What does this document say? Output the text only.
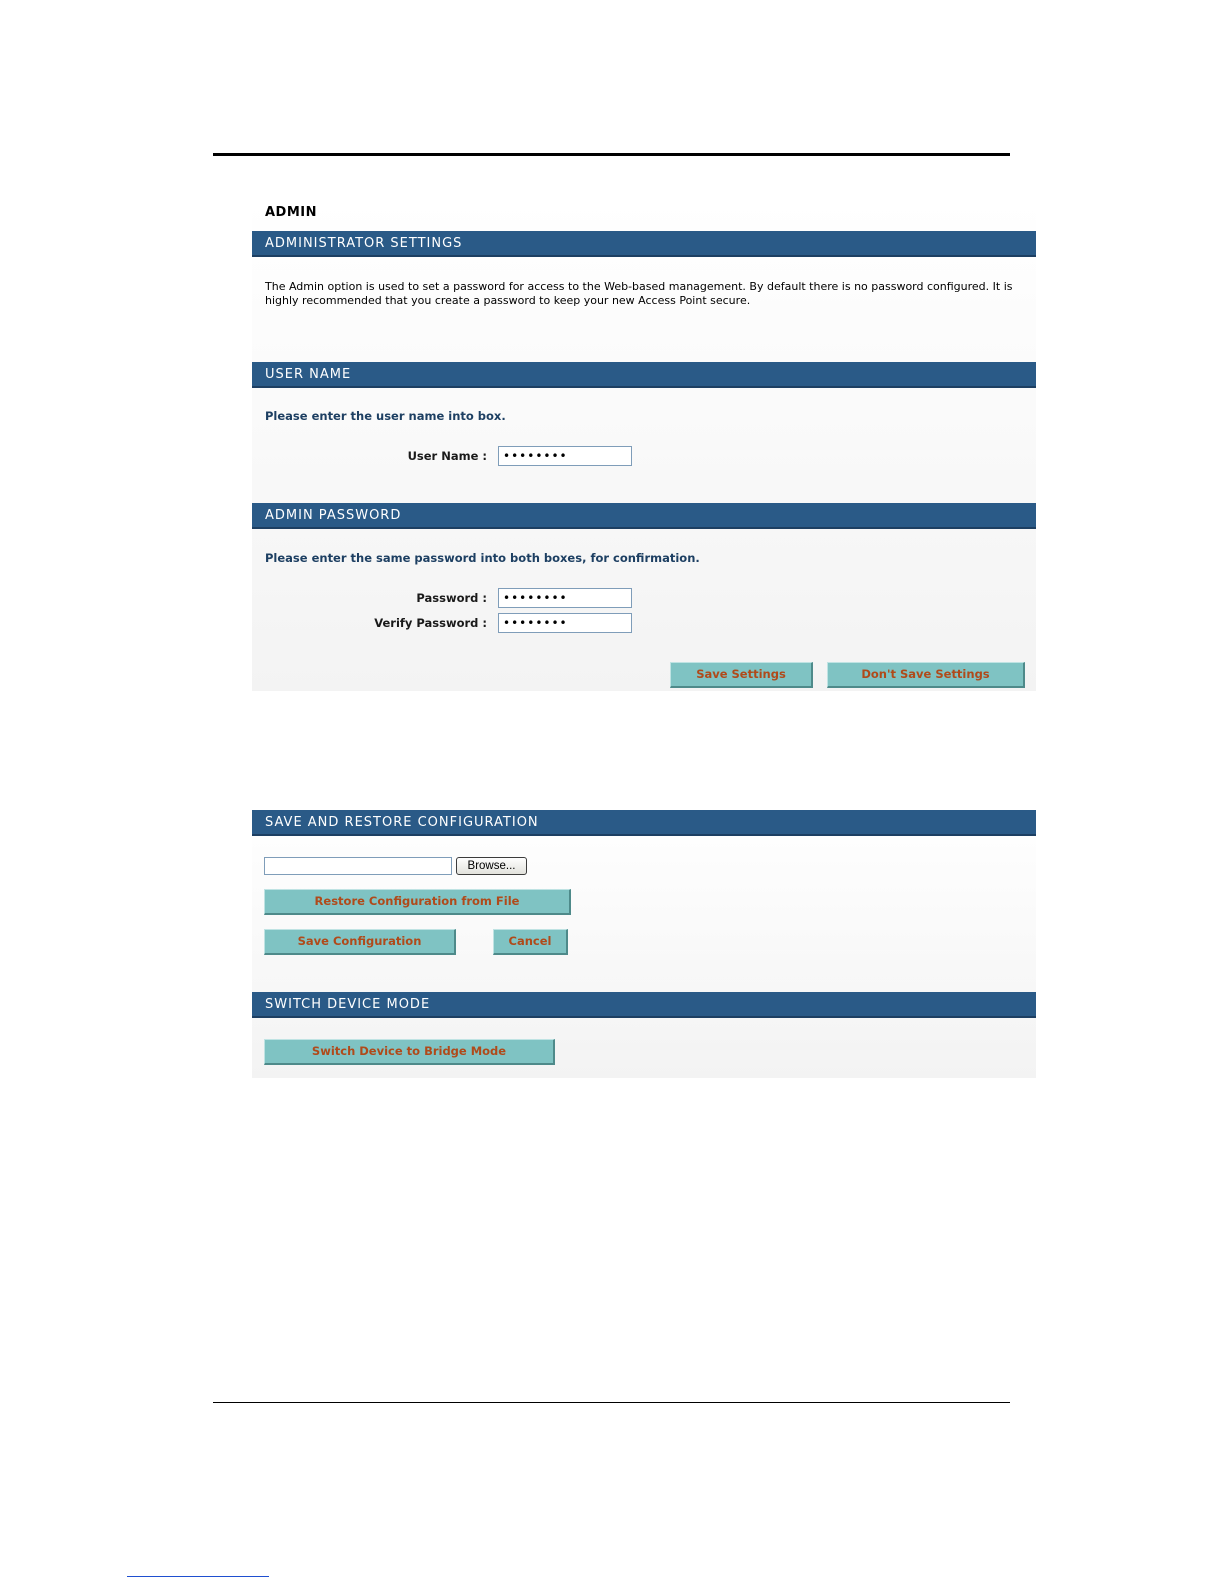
ADMIN
ADMINISTRATOR SETTINGS
The Admin option is used to set a password for access to the Web-based management. By default there is no password configured. It is highly recommended that you create a password to keep your new Access Point secure.
USER NAME
Please enter the user name into box.
User Name :	••••••••
ADMIN PASSWORD
Please enter the same password into both boxes, for confirmation.
Password :	••••••••
Verify Password :	••••••••
Save Settings	Don't Save Settings
SAVE AND RESTORE CONFIGURATION
Browse...
Restore Configuration from File
Save Configuration	Cancel
SWITCH DEVICE MODE
Switch Device to Bridge Mode
